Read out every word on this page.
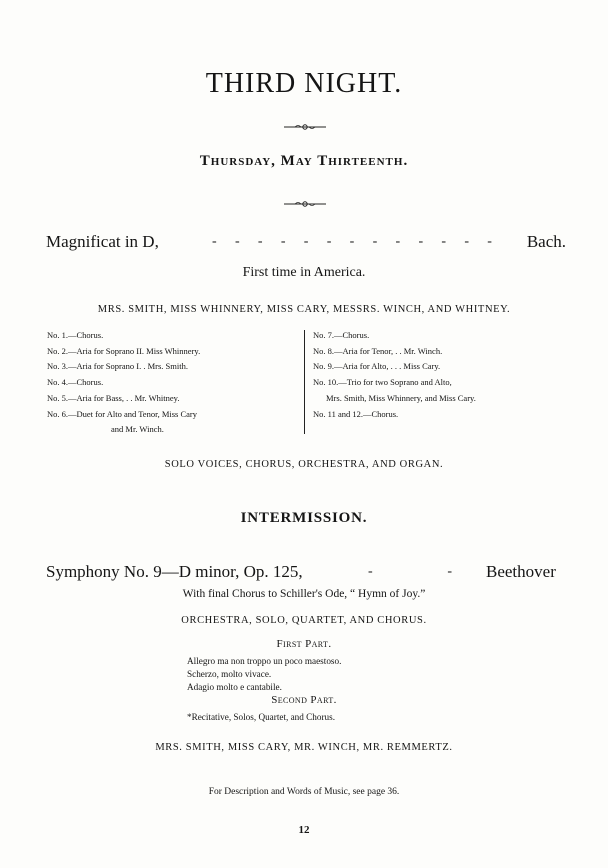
THIRD NIGHT.
Thursday, May Thirteenth.
Magnificat in D,	- - - - - - - - - - - - - Bach.
First time in America.
MRS. SMITH, MISS WHINNERY, MISS CARY, MESSRS. WINCH, AND WHITNEY.
No. 1.—Chorus.
No. 2.—Aria for Soprano II. Miss Whinnery.
No. 3.—Aria for Soprano I. . Mrs. Smith.
No. 4.—Chorus.
No. 5.—Aria for Bass, . . Mr. Whitney.
No. 6.—Duet for Alto and Tenor, Miss Cary
and Mr. Winch.
No. 7.—Chorus.
No. 8.—Aria for Tenor, . . Mr. Winch.
No. 9.—Aria for Alto, . . . Miss Cary.
No. 10.—Trio for two Soprano and Alto,
Mrs. Smith, Miss Whinnery, and Miss Cary.
No. 11 and 12.—Chorus.
SOLO VOICES, CHORUS, ORCHESTRA, AND ORGAN.
INTERMISSION.
Symphony No. 9—D minor, Op. 125,	-	- Beethover
With final Chorus to Schiller's Ode, “ Hymn of Joy.”
ORCHESTRA, SOLO, QUARTET, AND CHORUS.
First Part.
Allegro ma non troppo un poco maestoso.
Scherzo, molto vivace.
Adagio molto e cantabile.
Second Part.
*Recitative, Solos, Quartet, and Chorus.
MRS. SMITH, MISS CARY, MR. WINCH, MR. REMMERTZ.
For Description and Words of Music, see page 36.
12
